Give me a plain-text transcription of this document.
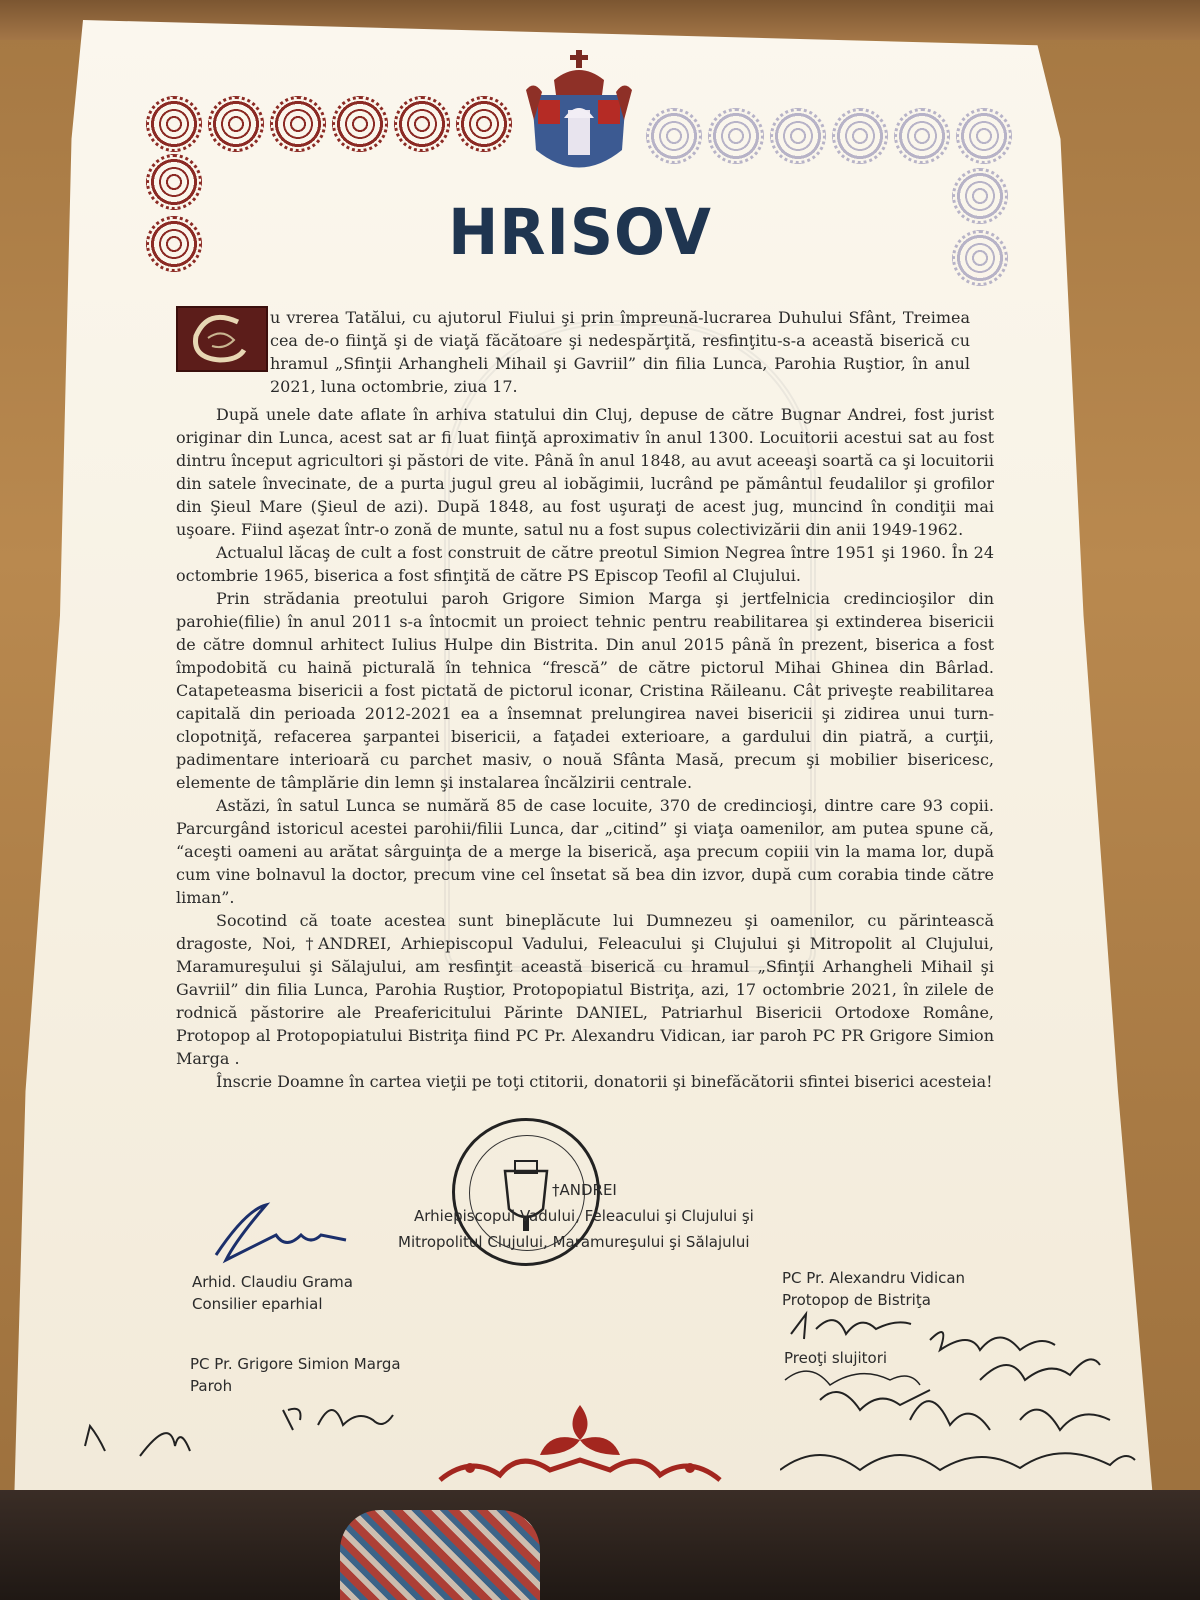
HRISOV
u vrerea Tatălui, cu ajutorul Fiului şi prin împreună-lucrarea Duhului Sfânt, Treimea cea de-o fiinţă şi de viaţă făcătoare şi nedespărţită, resfinţitu-s-a această biserică cu hramul „Sfinţii Arhangheli Mihail şi Gavriil” din filia Lunca, Parohia Ruştior, în anul 2021, luna octombrie, ziua 17.

După unele date aflate în arhiva statului din Cluj, depuse de către Bugnar Andrei, fost jurist originar din Lunca, acest sat ar fi luat fiinţă aproximativ în anul 1300. Locuitorii acestui sat au fost dintru început agricultori şi păstori de vite. Până în anul 1848, au avut aceeaşi soartă ca şi locuitorii din satele învecinate, de a purta jugul greu al iobăgimii, lucrând pe pământul feudalilor şi grofilor din Şieul Mare (Şieul de azi). După 1848, au fost uşuraţi de acest jug, muncind în condiţii mai uşoare. Fiind aşezat într-o zonă de munte, satul nu a fost supus colectivizării din anii 1949-1962.

Actualul lăcaş de cult a fost construit de către preotul Simion Negrea între 1951 şi 1960. În 24 octombrie 1965, biserica a fost sfinţită de către PS Episcop Teofil al Clujului.

Prin strădania preotului paroh Grigore Simion Marga şi jertfelnicia credincioşilor din parohie(filie) în anul 2011 s-a întocmit un proiect tehnic pentru reabilitarea şi extinderea bisericii de către domnul arhitect Iulius Hulpe din Bistrita. Din anul 2015 până în prezent, biserica a fost împodobită cu haină picturală în tehnica “frescă” de către pictorul Mihai Ghinea din Bârlad. Catapeteasma bisericii a fost pictată de pictorul iconar, Cristina Răileanu. Cât priveşte reabilitarea capitală din perioada 2012-2021 ea a însemnat prelungirea navei bisericii şi zidirea unui turn-clopotniţă, refacerea şarpantei bisericii, a faţadei exterioare, a gardului din piatră, a curţii, padimentare interioară cu parchet masiv, o nouă Sfânta Masă, precum şi mobilier bisericesc, elemente de tâmplărie din lemn şi instalarea încălzirii centrale.

Astăzi, în satul Lunca se numără 85 de case locuite, 370 de credincioşi, dintre care 93 copii. Parcurgând istoricul acestei parohii/filii Lunca, dar „citind” şi viaţa oamenilor, am putea spune că, “aceşti oameni au arătat sârguinţa de a merge la biserică, aşa precum copiii vin la mama lor, după cum vine bolnavul la doctor, precum vine cel însetat să bea din izvor, după cum corabia tinde către liman”.

Socotind că toate acestea sunt bineplăcute lui Dumnezeu şi oamenilor, cu părintească dragoste, Noi, †ANDREI, Arhiepiscopul Vadului, Feleacului şi Clujului şi Mitropolit al Clujului, Maramureşului şi Sălajului, am resfinţit această biserică cu hramul „Sfinţii Arhangheli Mihail şi Gavriil” din filia Lunca, Parohia Ruştior, Protopopiatul Bistriţa, azi, 17 octombrie 2021, în zilele de rodnică păstorire ale Preafericitului Părinte DANIEL, Patriarhul Bisericii Ortodoxe Române, Protopop al Protopopiatului Bistriţa fiind PC Pr. Alexandru Vidican, iar paroh PC PR Grigore Simion Marga .

Înscrie Doamne în cartea vieţii pe toţi ctitorii, donatorii şi binefăcătorii sfintei biserici acesteia!

†ANDREI
Arhiepiscopul Vadului, Feleacului şi Clujului şi
Mitropolitul Clujului, Maramureşului şi Sălajului
Arhid. Claudiu Grama
Consilier eparhial
PC Pr. Alexandru Vidican
Protopop de Bistriţa
PC Pr. Grigore Simion Marga
Paroh
Preoţi slujitori
